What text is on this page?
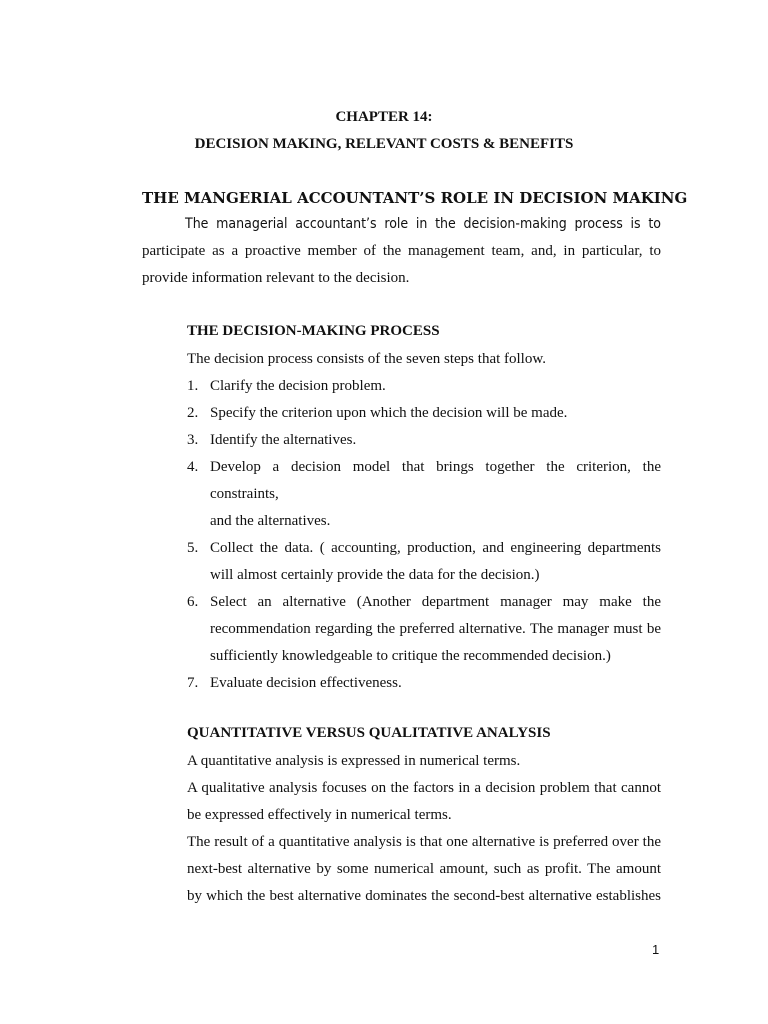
CHAPTER 14:
DECISION MAKING, RELEVANT COSTS & BENEFITS
THE MANGERIAL ACCOUNTANT’S ROLE IN DECISION MAKING
The managerial accountant’s role in the decision-making process is to
participate as a proactive member of the management team, and, in particular, to
provide information relevant to the decision.
THE DECISION-MAKING PROCESS
The decision process consists of the seven steps that follow.
1. Clarify the decision problem.
2. Specify the criterion upon which the decision will be made.
3. Identify the alternatives.
4. Develop a decision model that brings together the criterion, the
constraints,
and the alternatives.
5. Collect the data. ( accounting, production, and engineering departments
will almost certainly provide the data for the decision.)
6. Select an alternative (Another department manager may make the
recommendation regarding the preferred alternative. The manager must be
sufficiently knowledgeable to critique the recommended decision.)
7. Evaluate decision effectiveness.
QUANTITATIVE VERSUS QUALITATIVE ANALYSIS
A quantitative analysis is expressed in numerical terms.
A qualitative analysis focuses on the factors in a decision problem that cannot
be expressed effectively in numerical terms.
The result of a quantitative analysis is that one alternative is preferred over the
next-best alternative by some numerical amount, such as profit. The amount
by which the best alternative dominates the second-best alternative establishes
1
